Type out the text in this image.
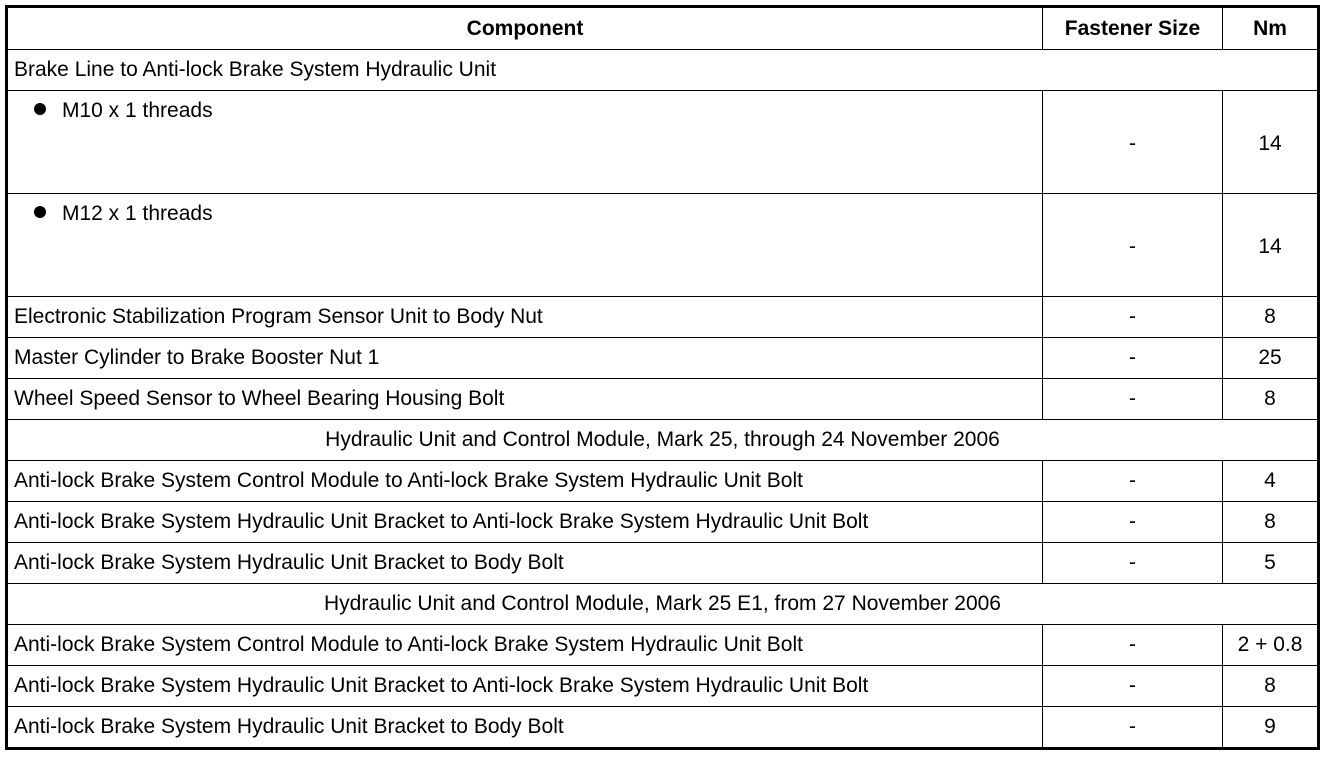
Component	Fastener Size	Nm
Brake Line to Anti-lock Brake System Hydraulic Unit		
M10 x 1 threads	-	14
M12 x 1 threads	-	14
Electronic Stabilization Program Sensor Unit to Body Nut	-	8
Master Cylinder to Brake Booster Nut 1	-	25
Wheel Speed Sensor to Wheel Bearing Housing Bolt	-	8
Hydraulic Unit and Control Module, Mark 25, through 24 November 2006		
Anti-lock Brake System Control Module to Anti-lock Brake System Hydraulic Unit Bolt	-	4
Anti-lock Brake System Hydraulic Unit Bracket to Anti-lock Brake System Hydraulic Unit Bolt	-	8
Anti-lock Brake System Hydraulic Unit Bracket to Body Bolt	-	5
Hydraulic Unit and Control Module, Mark 25 E1, from 27 November 2006		
Anti-lock Brake System Control Module to Anti-lock Brake System Hydraulic Unit Bolt	-	2 + 0.8
Anti-lock Brake System Hydraulic Unit Bracket to Anti-lock Brake System Hydraulic Unit Bolt	-	8
Anti-lock Brake System Hydraulic Unit Bracket to Body Bolt	-	9
